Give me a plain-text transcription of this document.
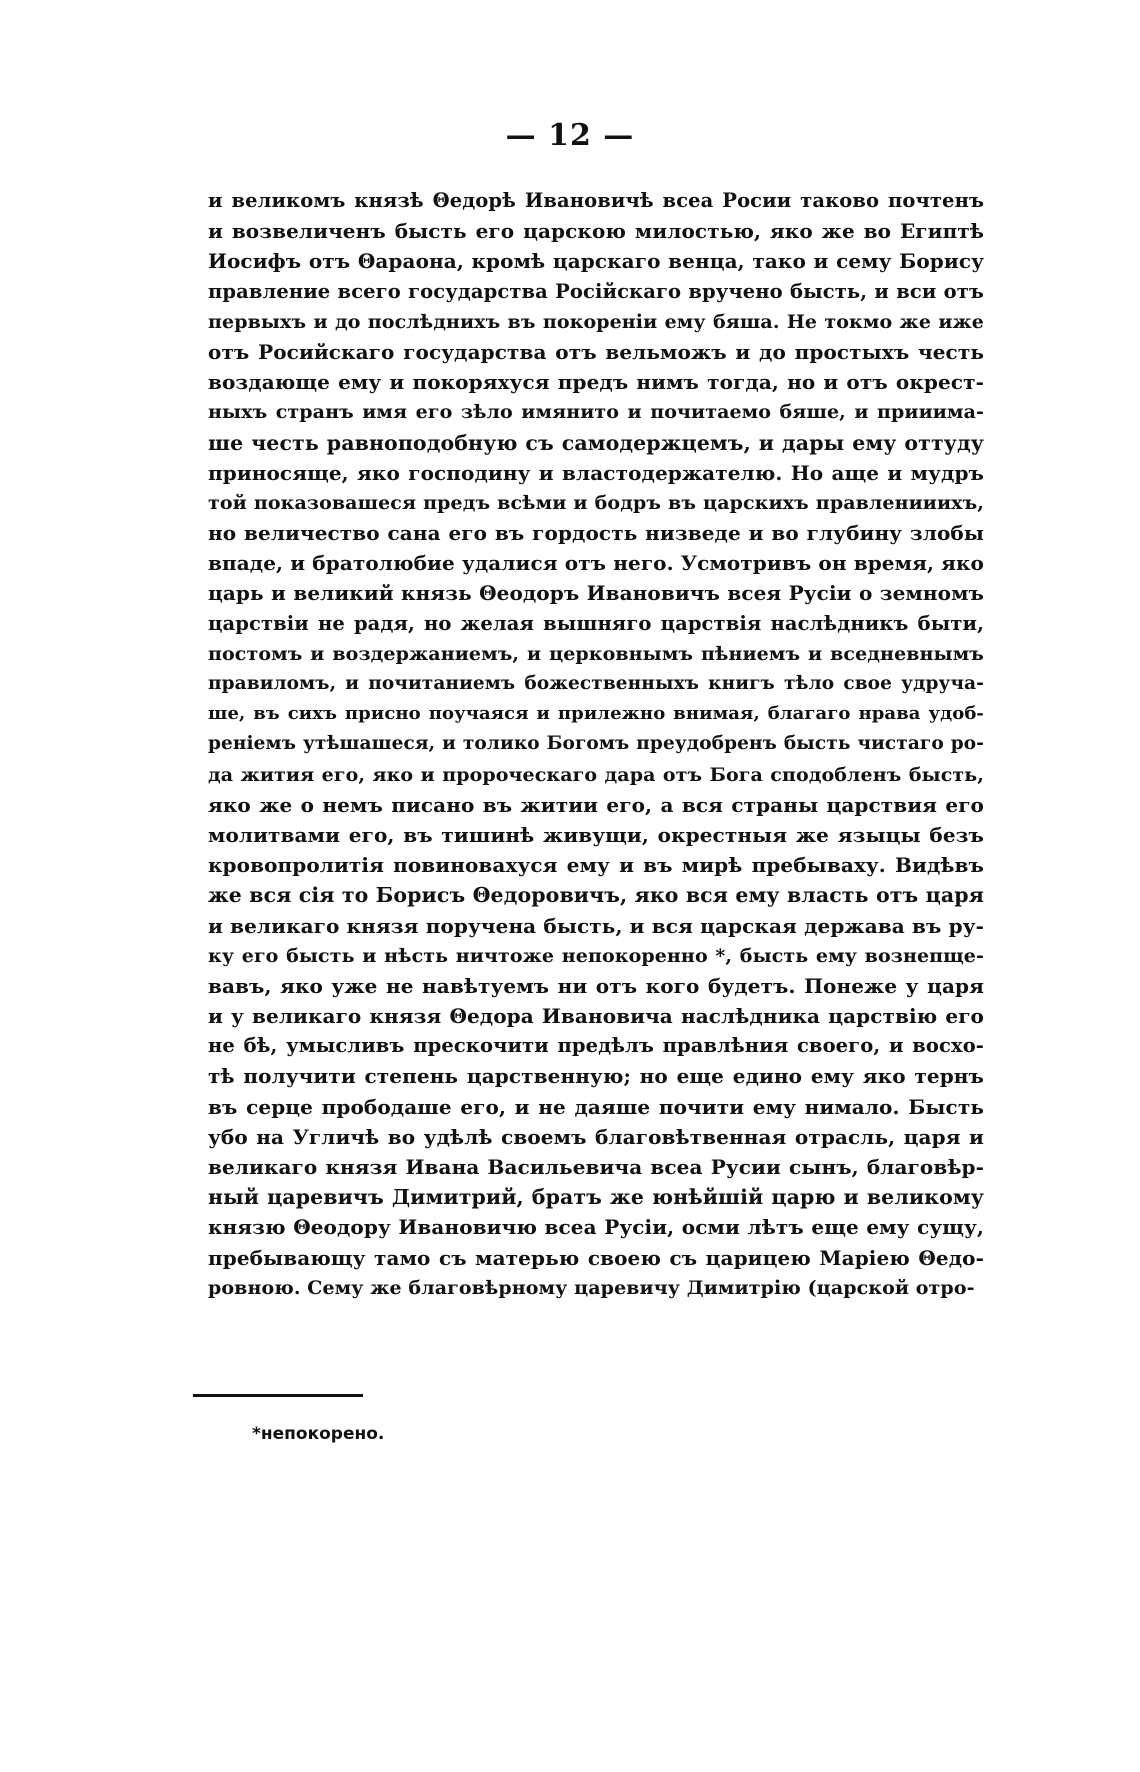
— 12 —
и великомъ князѣ Θедорѣ Ивановичѣ всеа Росии таково почтенъ
и возвеличенъ бысть его царскою милостью, яко же во Египтѣ
Иосифъ отъ Θараона, кромѣ царскаго венца, тако и сему Борису
правление всего государства Російскаго вручено бысть, и вси отъ
первыхъ и до послѣднихъ въ покореніи ему бяша. Не токмо же иже
отъ Росийскаго государства отъ вельможъ и до простыхъ честь
воздающе ему и покоряхуся предъ нимъ тогда, но и отъ окрест-
ныхъ странъ имя его зѣло имянито и почитаемо бяше, и прииима-
ше честь равноподобную съ самодержцемъ, и дары ему оттуду
приносяще, яко господину и властодержателю. Но аще и мудръ
той показовашеся предъ всѣми и бодръ въ царскихъ правленииихъ,
но величество сана его въ гордость низведе и во глубину злобы
впаде, и братолюбие удалися отъ него. Усмотривъ он время, яко
царь и великий князь Θеодоръ Ивановичъ всея Русіи о земномъ
царствіи не радя, но желая вышняго царствія наслѣдникъ быти,
постомъ и воздержаниемъ, и церковнымъ пѣниемъ и вседневнымъ
правиломъ, и почитаниемъ божественныхъ книгъ тѣло свое удруча-
ше, въ сихъ присно поучаяся и прилежно внимая, благаго нрава удоб-
реніемъ утѣшашеся, и толико Богомъ преудобренъ бысть чистаго ро-
да жития его, яко и пророческаго дара отъ Бога сподобленъ бысть,
яко же о немъ писано въ житии его, а вся страны царствия его
молитвами его, въ тишинѣ живущи, окрестныя же языцы безъ
кровопролитія повиновахуся ему и въ мирѣ пребываху. Видѣвъ
же вся сія то Борисъ Θедоровичъ, яко вся ему власть отъ царя
и великаго князя поручена бысть, и вся царская держава въ ру-
ку его бысть и нѣсть ничтоже непокоренно *, бысть ему вознепще-
вавъ, яко уже не навѣтуемъ ни отъ кого будетъ. Понеже у царя
и у великаго князя Θедора Ивановича наслѣдника царствію его
не бѣ, умысливъ прескочити предѣлъ правлѣния своего, и восхо-
тѣ получити степень царственную; но еще едино ему яко тернъ
въ серце прободаше его, и не даяше почити ему нимало. Бысть
убо на Угличѣ во удѣлѣ своемъ благовѣтвенная отрасль, царя и
великаго князя Ивана Васильевича всеа Русии сынъ, благовѣр-
ный царевичъ Димитрий, братъ же юнѣйшій царю и великому
князю Θеодору Ивановичю всеа Русіи, осми лѣтъ еще ему сущу,
пребывающу тамо съ матерью своею съ царицею Маріею Θедо-
ровною. Сему же благовѣрному царевичу Димитрію (царской отро-
*непокорено.
